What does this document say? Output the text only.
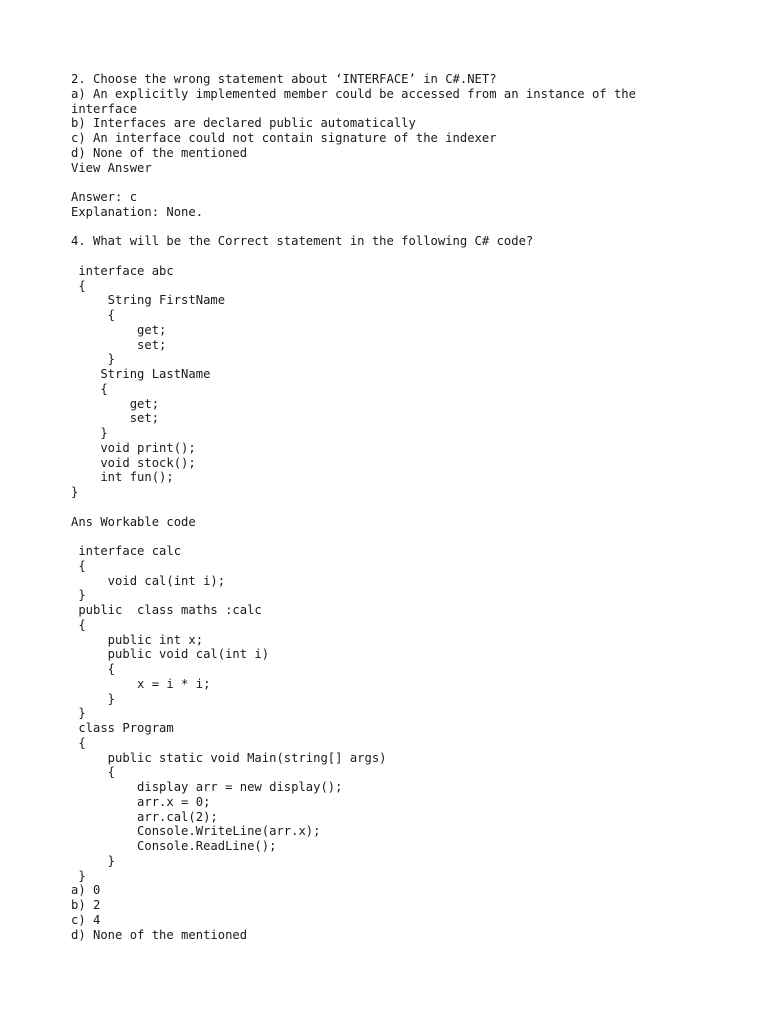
2. Choose the wrong statement about ‘INTERFACE’ in C#.NET?
a) An explicitly implemented member could be accessed from an instance of the
interface
b) Interfaces are declared public automatically
c) An interface could not contain signature of the indexer
d) None of the mentioned
View Answer
Answer: c
Explanation: None.
4. What will be the Correct statement in the following C# code?
interface abc
{
String FirstName
{
get;
set;
}
String LastName
{
get;
set;
}
void print();
void stock();
int fun();
}
Ans Workable code
interface calc
{
void cal(int i);
}
public  class maths :calc
{
public int x;
public void cal(int i)
{
x = i * i;
}
}
class Program
{
public static void Main(string[] args)
{
display arr = new display();
arr.x = 0;
arr.cal(2);
Console.WriteLine(arr.x);
Console.ReadLine();
}
}
a) 0
b) 2
c) 4
d) None of the mentioned
